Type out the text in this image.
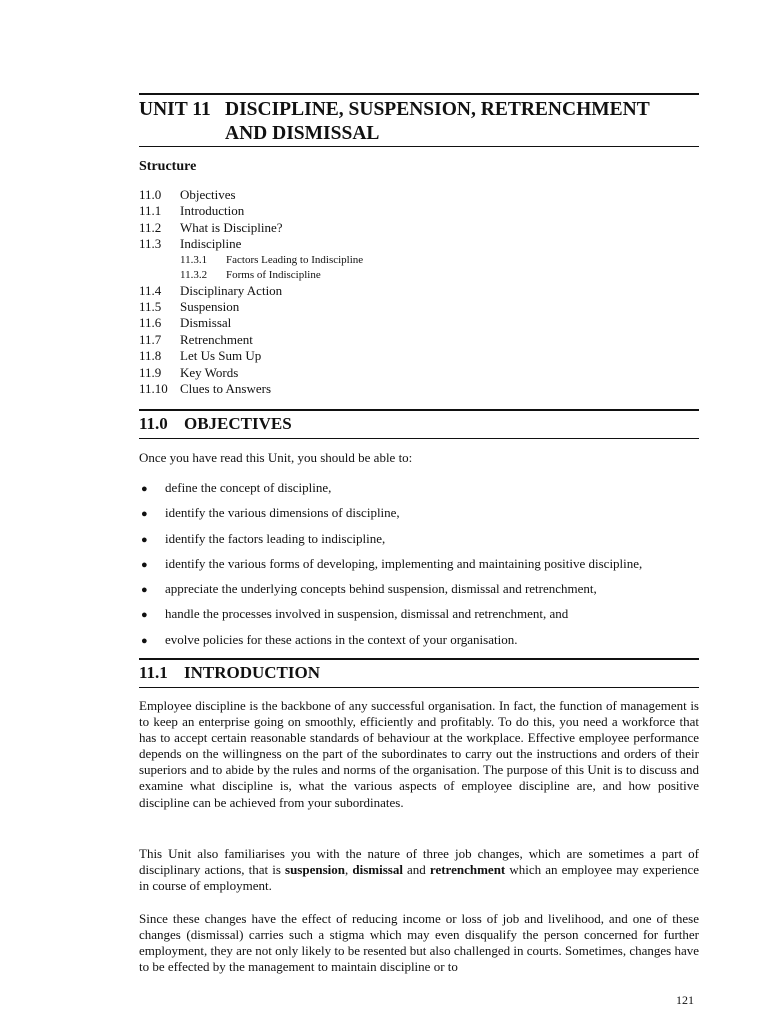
UNIT 11 DISCIPLINE, SUSPENSION, RETRENCHMENT
AND DISMISSAL
Structure
11.0 Objectives
11.1 Introduction
11.2 What is Discipline?
11.3 Indiscipline
11.3.1 Factors Leading to Indiscipline
11.3.2 Forms of Indiscipline
11.4 Disciplinary Action
11.5 Suspension
11.6 Dismissal
11.7 Retrenchment
11.8 Let Us Sum Up
11.9 Key Words
11.10 Clues to Answers
11.0 OBJECTIVES
Once you have read this Unit, you should be able to:
● define the concept of discipline,
● identify the various dimensions of discipline,
● identify the factors leading to indiscipline,
● identify the various forms of developing, implementing and maintaining positive discipline,
● appreciate the underlying concepts behind suspension, dismissal and retrenchment,
● handle the processes involved in suspension, dismissal and retrenchment, and
● evolve policies for these actions in the context of your organisation.
11.1 INTRODUCTION

Employee discipline is the backbone of any successful organisation. In fact, the function of management is to keep an enterprise going on smoothly, efficiently and profitably. To do this, you need a workforce that has to accept certain reasonable standards of behaviour at the workplace. Effective employee performance depends on the willingness on the part of the subordinates to carry out the instructions and orders of their superiors and to abide by the rules and norms of the organisation. The purpose of this Unit is to discuss and examine what discipline is, what the various aspects of employee discipline are, and how positive discipline can be achieved from your subordinates.

This Unit also familiarises you with the nature of three job changes, which are sometimes a part of disciplinary actions, that is suspension, dismissal and retrenchment which an employee may experience in course of employment.

Since these changes have the effect of reducing income or loss of job and livelihood, and one of these changes (dismissal) carries such a stigma which may even disqualify the person concerned for further employment, they are not only likely to be resented but also challenged in courts. Sometimes, changes have to be effected by the management to maintain discipline or to

121
